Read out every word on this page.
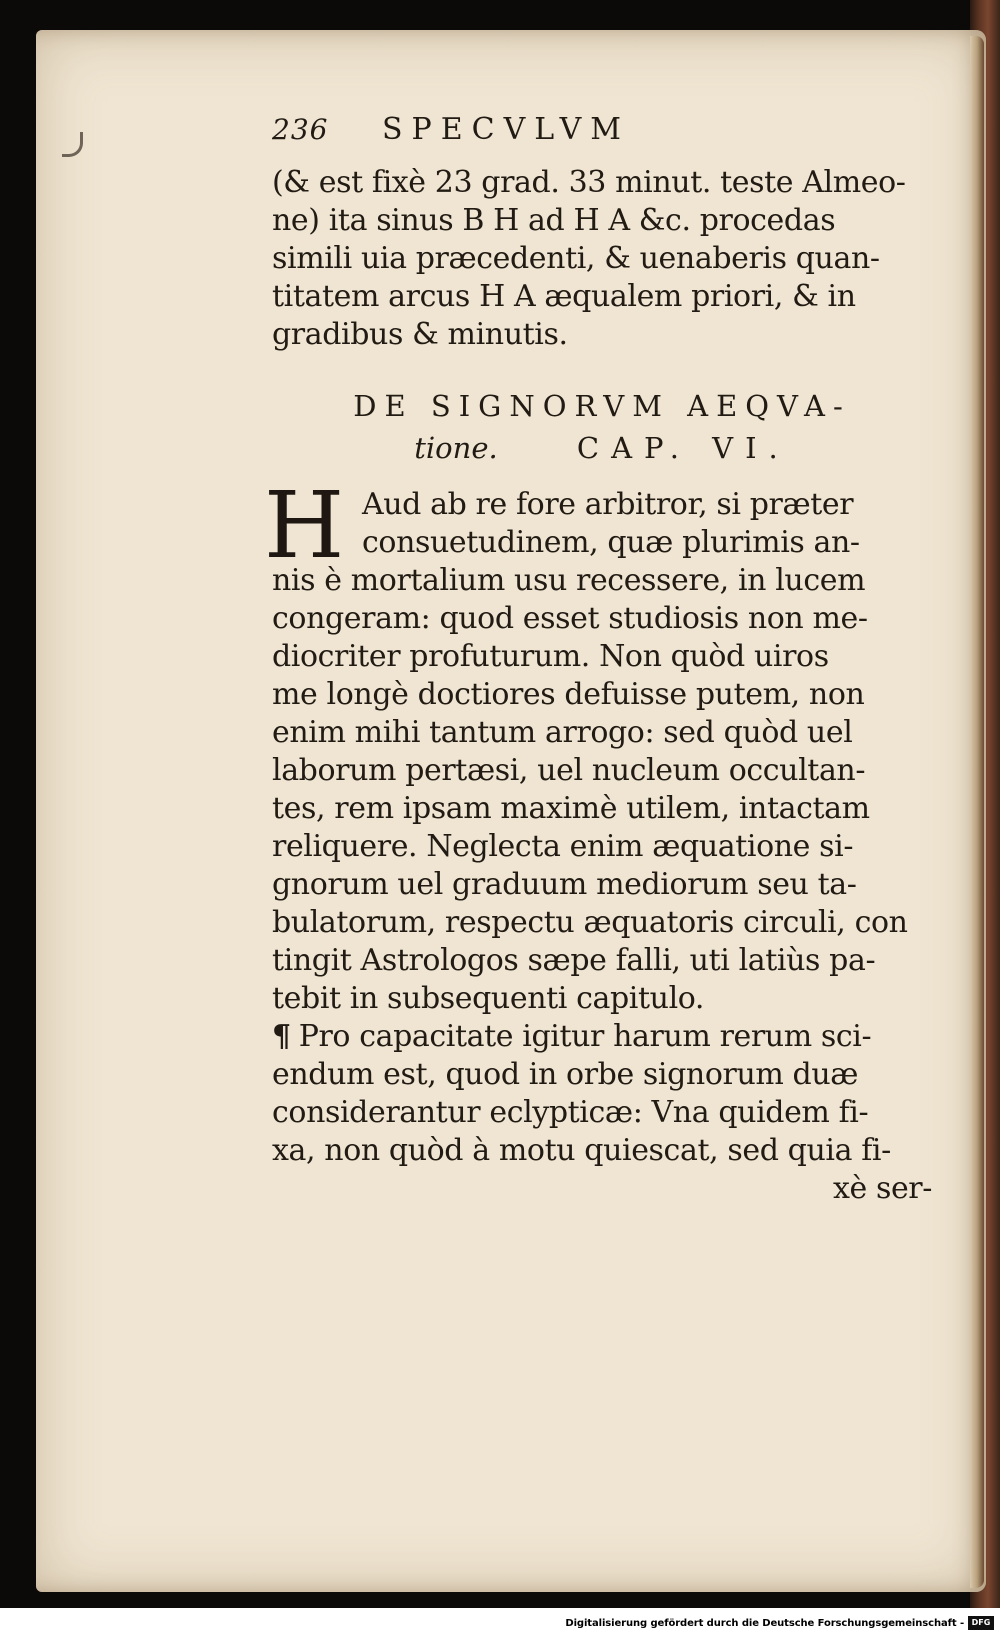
236	SPECVLVM
(& est fixè 23 grad. 33 minut. teste Almeo-
ne) ita sinus B H ad H A &c. procedas
simili uia præcedenti, & uenaberis quan-
titatem arcus H A æqualem priori, & in
gradibus & minutis.
DE SIGNORVM AEQVA-
tione.	CAP. VI.
H Aud ab re fore arbitror, si præter
consuetudinem, quæ plurimis an-
nis è mortalium usu recessere, in lucem
congeram: quod esset studiosis non me-
diocriter profuturum. Non quòd uiros
me longè doctiores defuisse putem, non
enim mihi tantum arrogo: sed quòd uel
laborum pertæsi, uel nucleum occultan-
tes, rem ipsam maximè utilem, intactam
reliquere. Neglecta enim æquatione si-
gnorum uel graduum mediorum seu ta-
bulatorum, respectu æquatoris circuli, con
tingit Astrologos sæpe falli, uti latiùs pa-
tebit in subsequenti capitulo.
¶ Pro capacitate igitur harum rerum sci-
endum est, quod in orbe signorum duæ
considerantur eclypticæ: Vna quidem fi-
xa, non quòd à motu quiescat, sed quia fi-
xè ser-
Digitalisierung gefördert durch die Deutsche Forschungsgemeinschaft - DFG
